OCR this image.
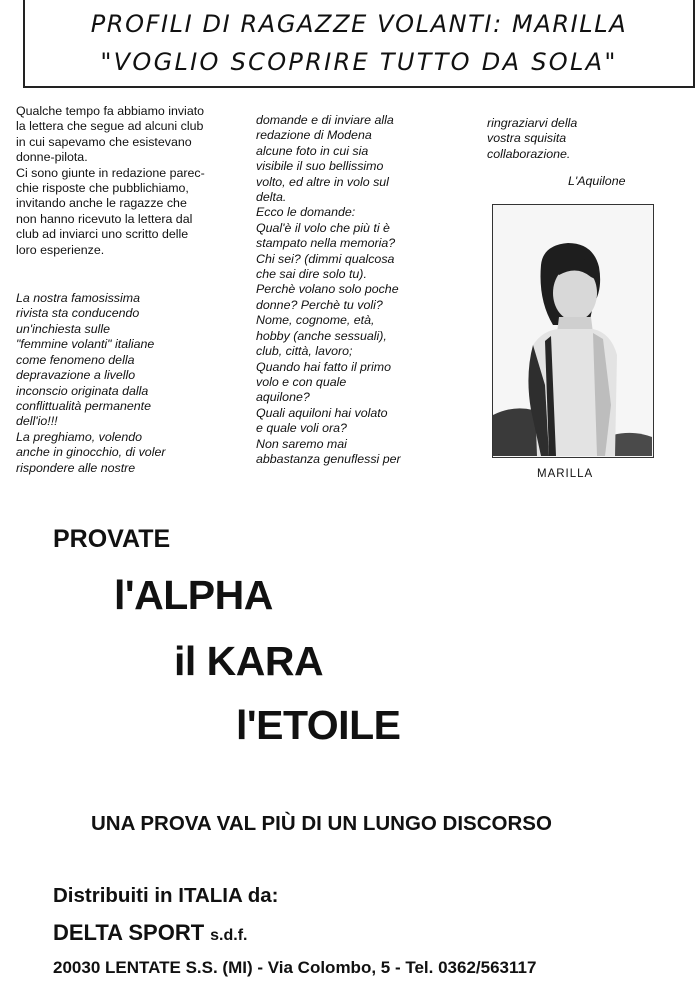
PROFILI DI RAGAZZE VOLANTI: MARILLA
"VOGLIO SCOPRIRE TUTTO DA SOLA"
Qualche tempo fa abbiamo inviato
la lettera che segue ad alcuni club
in cui sapevamo che esistevano
donne-pilota.
Ci sono giunte in redazione parec-
chie risposte che pubblichiamo,
invitando anche le ragazze che
non hanno ricevuto la lettera dal
club ad inviarci uno scritto delle
loro esperienze.
La nostra famosissima
rivista sta conducendo
un'inchiesta sulle
"femmine volanti" italiane
come fenomeno della
depravazione a livello
inconscio originata dalla
conflittualità permanente
dell'io!!!
La preghiamo, volendo
anche in ginocchio, di voler
rispondere alle nostre
domande e di inviare alla
redazione di Modena
alcune foto in cui sia
visibile il suo bellissimo
volto, ed altre in volo sul
delta.
Ecco le domande:
Qual'è il volo che più ti è
stampato nella memoria?
Chi sei? (dimmi qualcosa
che sai dire solo tu).
Perchè volano solo poche
donne? Perchè tu voli?
Nome, cognome, età,
hobby (anche sessuali),
club, città, lavoro;
Quando hai fatto il primo
volo e con quale
aquilone?
Quali aquiloni hai volato
e quale voli ora?
Non saremo mai
abbastanza genuflessi per
ringraziarvi della
vostra squisita
collaborazione.
L'Aquilone
MARILLA
PROVATE
l'ALPHA
il KARA
l'ETOILE
UNA PROVA VAL PIÙ DI UN LUNGO DISCORSO
Distribuiti in ITALIA da:
DELTA SPORT s.d.f.
20030 LENTATE S.S. (MI) - Via Colombo, 5 - Tel. 0362/563117
